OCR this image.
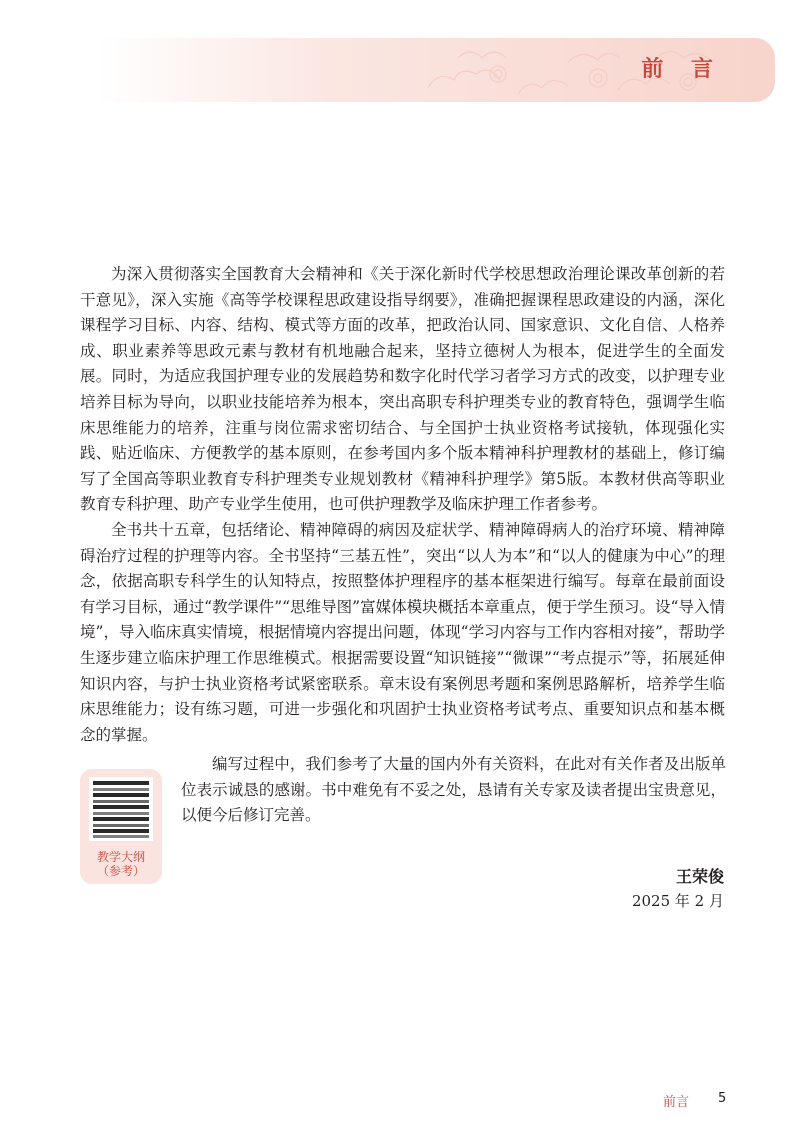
前 言

为深入贯彻落实全国教育大会精神和《关于深化新时代学校思想政治理论课改革创新的若干意见》，深入实施《高等学校课程思政建设指导纲要》，准确把握课程思政建设的内涵，深化课程学习目标、内容、结构、模式等方面的改革，把政治认同、国家意识、文化自信、人格养成、职业素养等思政元素与教材有机地融合起来，坚持立德树人为根本，促进学生的全面发展。同时，为适应我国护理专业的发展趋势和数字化时代学习者学习方式的改变，以护理专业培养目标为导向，以职业技能培养为根本，突出高职专科护理类专业的教育特色，强调学生临床思维能力的培养，注重与岗位需求密切结合、与全国护士执业资格考试接轨，体现强化实践、贴近临床、方便教学的基本原则，在参考国内多个版本精神科护理教材的基础上，修订编写了全国高等职业教育专科护理类专业规划教材《精神科护理学》第5版。本教材供高等职业教育专科护理、助产专业学生使用，也可供护理教学及临床护理工作者参考。

全书共十五章，包括绪论、精神障碍的病因及症状学、精神障碍病人的治疗环境、精神障碍治疗过程的护理等内容。全书坚持“三基五性”，突出“以人为本”和“以人的健康为中心”的理念，依据高职专科学生的认知特点，按照整体护理程序的基本框架进行编写。每章在最前面设有学习目标，通过“教学课件”“思维导图”富媒体模块概括本章重点，便于学生预习。设“导入情境”，导入临床真实情境，根据情境内容提出问题，体现“学习内容与工作内容相对接”，帮助学生逐步建立临床护理工作思维模式。根据需要设置“知识链接”“微课”“考点提示”等，拓展延伸知识内容，与护士执业资格考试紧密联系。章末设有案例思考题和案例思路解析，培养学生临床思维能力；设有练习题，可进一步强化和巩固护士执业资格考试考点、重要知识点和基本概念的掌握。

教学大纲
（参考）

编写过程中，我们参考了大量的国内外有关资料，在此对有关作者及出版单位表示诚恳的感谢。书中难免有不妥之处，恳请有关专家及读者提出宝贵意见，以便今后修订完善。

王荣俊
2025 年 2 月
前言 5
